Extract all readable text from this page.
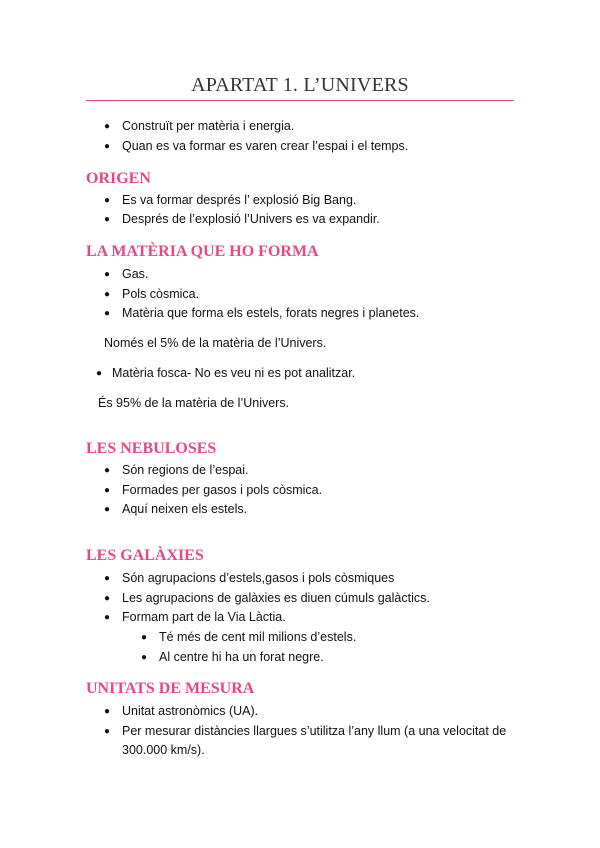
APARTAT 1. L’UNIVERS
● Construït per matèria i energia.
● Quan es va formar es varen crear l’espai i el temps.
ORIGEN
● Es va formar després l’ explosió Big Bang.
● Després de l’explosió l’Univers es va expandir.
LA MATÈRIA QUE HO FORMA
● Gas.
● Pols còsmica.
● Matèria que forma els estels, forats negres i planetes.
Només el 5% de la matèria de l’Univers.
● Matèria fosca- No es veu ni es pot analitzar.
És 95% de la matèria de l’Univers.
LES NEBULOSES
● Són regions de l’espai.
● Formades per gasos i pols còsmica.
● Aquí neixen els estels.
LES GALÀXIES
● Són agrupacions d’estels,gasos i pols còsmiques
● Les agrupacions de galàxies es diuen cúmuls galàctics.
● Formam part de la Via Làctia.
● Té més de cent mil milions d’estels.
● Al centre hi ha un forat negre.
UNITATS DE MESURA
● Unitat astronòmics (UA).
● Per mesurar distàncies llargues s’utilitza l’any llum (a una velocitat de 300.000 km/s).
